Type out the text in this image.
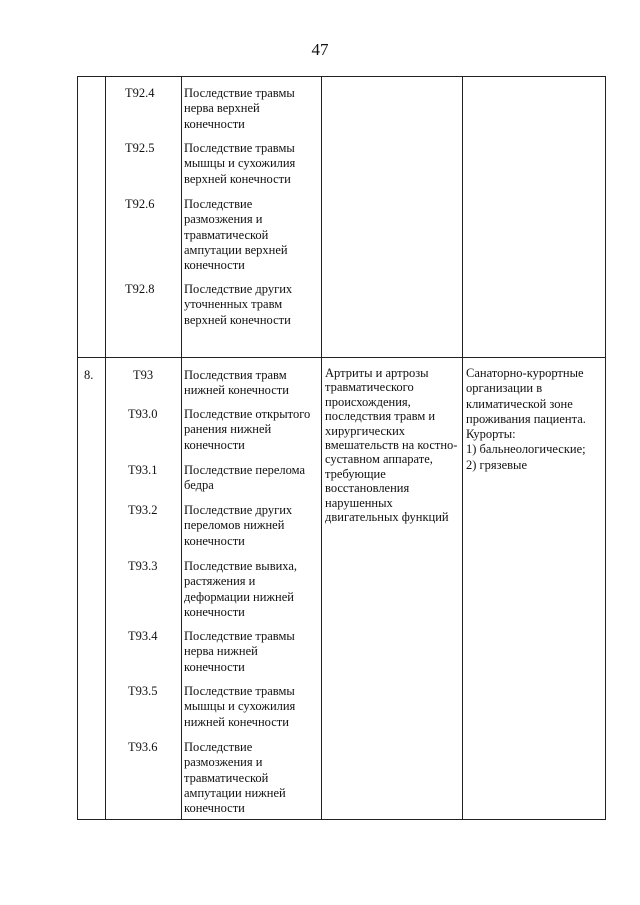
47
T92.4 Последствие травмы
нерва верхней
конечности
T92.5 Последствие травмы
мышцы и сухожилия
верхней конечности
T92.6 Последствие
размозжения и
травматической
ампутации верхней
конечности
T92.8 Последствие других
уточненных травм
верхней конечности
8.	T93 Последствия травм
нижней конечности
T93.0 Последствие открытого
ранения нижней
конечности
T93.1 Последствие перелома
бедра
T93.2 Последствие других
переломов нижней
конечности
T93.3 Последствие вывиха,
растяжения и
деформации нижней
конечности
T93.4 Последствие травмы
нерва нижней
конечности
T93.5 Последствие травмы
мышцы и сухожилия
нижней конечности
T93.6 Последствие
размозжения и
травматической
ампутации нижней
конечности
Артриты и артрозы
травматического
происхождения,
последствия травм и
хирургических
вмешательств на костно-
суставном аппарате,
требующие
восстановления
нарушенных
двигательных функций
Санаторно-курортные
организации в
климатической зоне
проживания пациента.
Курорты:
1) бальнеологические;
2) грязевые
